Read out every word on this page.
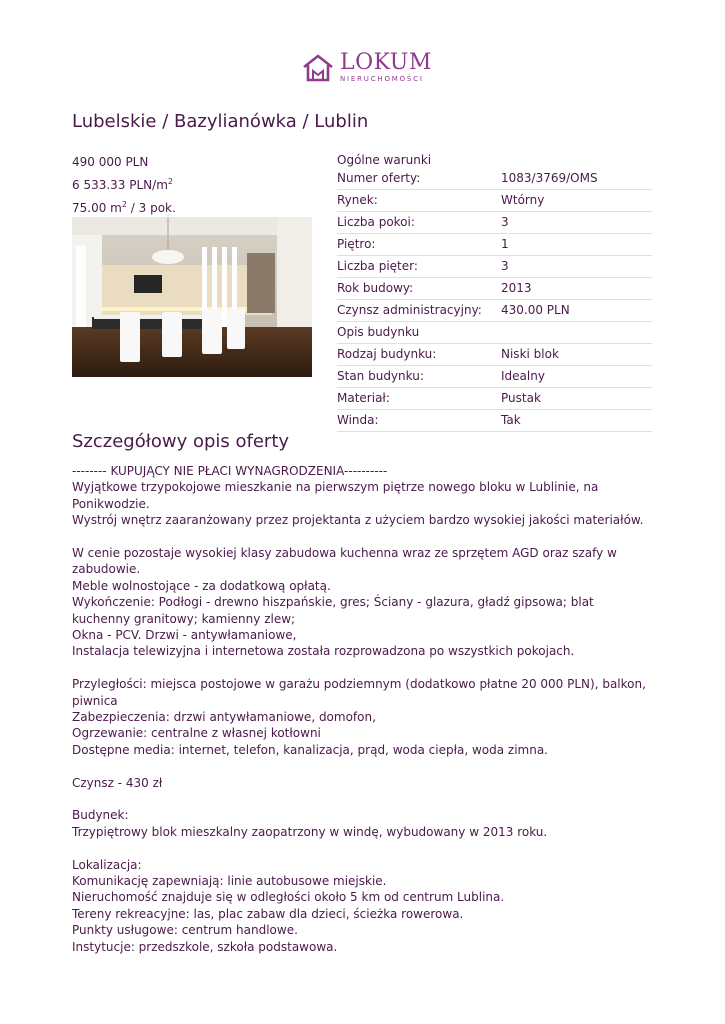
LOKUM
NIERUCHOMOŚCI
Lubelskie / Bazylianówka / Lublin
490 000 PLN
6 533.33 PLN/$m^2$
75.00 $m^2 / 3$ pok.
Ogólne warunki
Numer oferty:	1083/3769/OMS
Rynek:	Wtórny
Liczba pokoi:	3
Piętro:	1
Liczba pięter:	3
Rok budowy:	2013
Czynsz administracyjny:	430.00 PLN
Opis budynku
Rodzaj budynku:	Niski blok
Stan budynku:	Idealny
Materiał:	Pustak
Winda:	Tak
Szczegółowy opis oferty

-------- KUPUJĄCY NIE PŁACI WYNAGRODZENIA----------
Wyjątkowe trzypokojowe mieszkanie na pierwszym piętrze nowego bloku w Lublinie, na Ponikwodzie.
Wystrój wnętrz zaaranżowany przez projektanta z użyciem bardzo wysokiej jakości materiałów.

W cenie pozostaje wysokiej klasy zabudowa kuchenna wraz ze sprzętem AGD oraz szafy w zabudowie.
Meble wolnostojące - za dodatkową opłatą.
Wykończenie: Podłogi - drewno hiszpańskie, gres; Ściany - glazura, gładź gipsowa; blat kuchenny granitowy; kamienny zlew;
Okna - PCV. Drzwi - antywłamaniowe,
Instalacja telewizyjna i internetowa została rozprowadzona po wszystkich pokojach.

Przyległości: miejsca postojowe w garażu podziemnym (dodatkowo płatne 20 000 PLN), balkon, piwnica
Zabezpieczenia: drzwi antywłamaniowe, domofon,
Ogrzewanie: centralne z własnej kotłowni
Dostępne media: internet, telefon, kanalizacja, prąd, woda ciepła, woda zimna.

Czynsz - 430 zł

Budynek:
Trzypiętrowy blok mieszkalny zaopatrzony w windę, wybudowany w 2013 roku.

Lokalizacja:
Komunikację zapewniają: linie autobusowe miejskie.
Nieruchomość znajduje się w odległości około 5 km od centrum Lublina.
Tereny rekreacyjne: las, plac zabaw dla dzieci, ścieżka rowerowa.
Punkty usługowe: centrum handlowe.
Instytucje: przedszkole, szkoła podstawowa.
